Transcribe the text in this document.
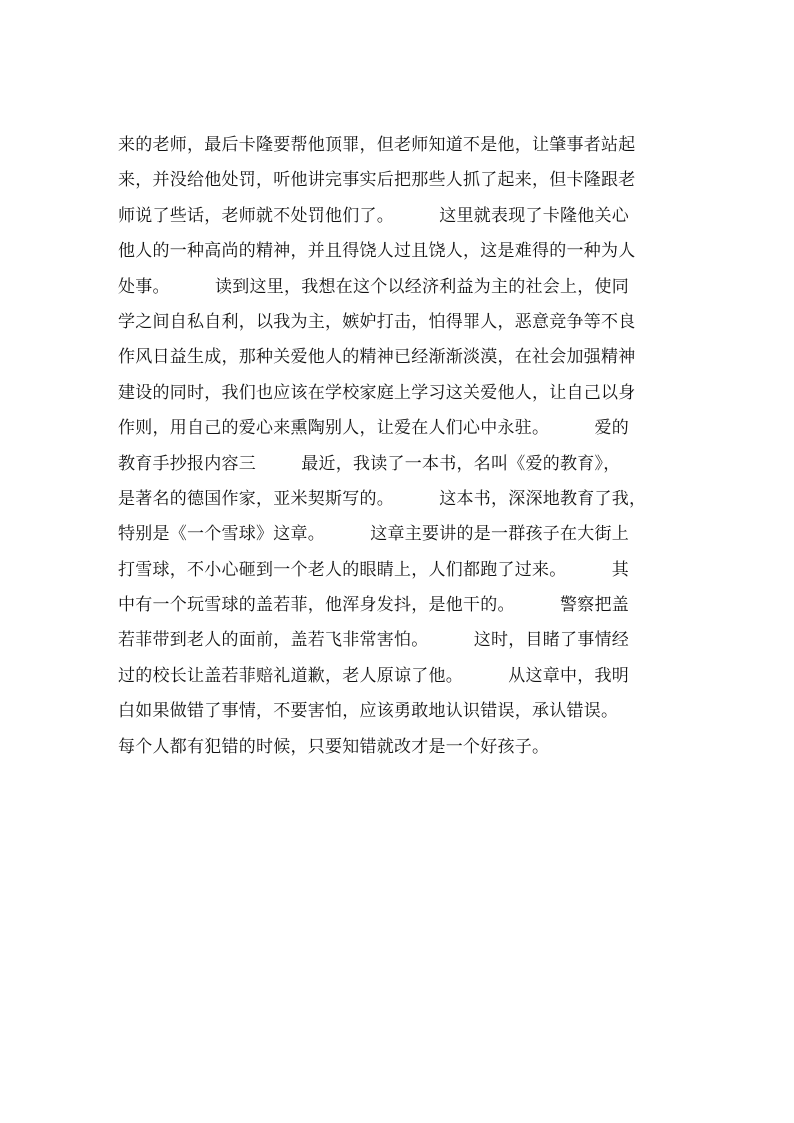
来的老师，最后卡隆要帮他顶罪，但老师知道不是他，让肇事者站起
来，并没给他处罚，听他讲完事实后把那些人抓了起来，但卡隆跟老
师说了些话，老师就不处罚他们了。        这里就表现了卡隆他关心
他人的一种高尚的精神，并且得饶人过且饶人，这是难得的一种为人
处事。        读到这里，我想在这个以经济利益为主的社会上，使同
学之间自私自利，以我为主，嫉妒打击，怕得罪人，恶意竞争等不良
作风日益生成，那种关爱他人的精神已经渐渐淡漠，在社会加强精神
建设的同时，我们也应该在学校家庭上学习这关爱他人，让自己以身
作则，用自己的爱心来熏陶别人，让爱在人们心中永驻。        爱的
教育手抄报内容三        最近，我读了一本书，名叫《爱的教育》，
是著名的德国作家，亚米契斯写的。        这本书，深深地教育了我，
特别是《一个雪球》这章。        这章主要讲的是一群孩子在大街上
打雪球，不小心砸到一个老人的眼睛上，人们都跑了过来。        其
中有一个玩雪球的盖若菲，他浑身发抖，是他干的。        警察把盖
若菲带到老人的面前，盖若飞非常害怕。        这时，目睹了事情经
过的校长让盖若菲赔礼道歉，老人原谅了他。        从这章中，我明
白如果做错了事情，不要害怕，应该勇敢地认识错误，承认错误。
每个人都有犯错的时候，只要知错就改才是一个好孩子。
